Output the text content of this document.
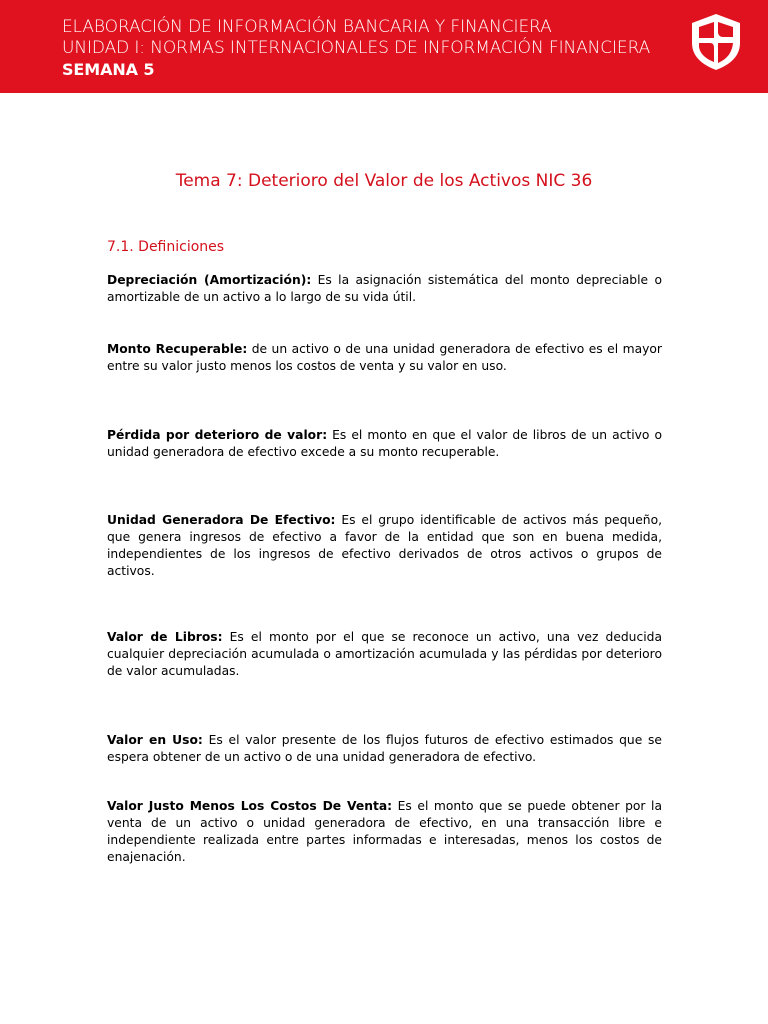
ELABORACIÓN DE INFORMACIÓN BANCARIA Y FINANCIERA
UNIDAD I: NORMAS INTERNACIONALES DE INFORMACIÓN FINANCIERA
SEMANA 5
Tema 7: Deterioro del Valor de los Activos NIC 36
7.1. Definiciones
Depreciación (Amortización): Es la asignación sistemática del monto depreciable o amortizable de un activo a lo largo de su vida útil.
Monto Recuperable: de un activo o de una unidad generadora de efectivo es el mayor entre su valor justo menos los costos de venta y su valor en uso.
Pérdida por deterioro de valor: Es el monto en que el valor de libros de un activo o unidad generadora de efectivo excede a su monto recuperable.
Unidad Generadora De Efectivo: Es el grupo identificable de activos más pequeño, que genera ingresos de efectivo a favor de la entidad que son en buena medida, independientes de los ingresos de efectivo derivados de otros activos o grupos de activos.
Valor de Libros: Es el monto por el que se reconoce un activo, una vez deducida cualquier depreciación acumulada o amortización acumulada y las pérdidas por deterioro de valor acumuladas.
Valor en Uso: Es el valor presente de los flujos futuros de efectivo estimados que se espera obtener de un activo o de una unidad generadora de efectivo.
Valor Justo Menos Los Costos De Venta: Es el monto que se puede obtener por la venta de un activo o unidad generadora de efectivo, en una transacción libre e independiente realizada entre partes informadas e interesadas, menos los costos de enajenación.
